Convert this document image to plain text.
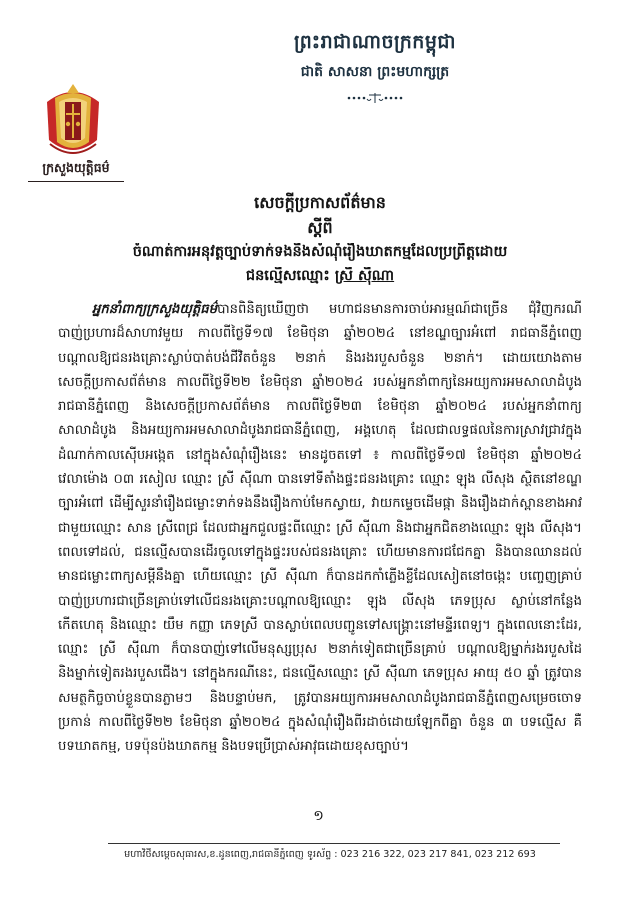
ព្រះរាជាណាចក្រកម្ពុជា
ជាតិ សាសនា ព្រះមហាក្សត្រ
ក្រសួងយុត្តិធម៌
សេចក្តីប្រកាសព័ត៌មាន
ស្តីពី
ចំណាត់ការអនុវត្តច្បាប់ទាក់ទងនឹងសំណុំរឿងឃាតកម្មដែលប្រព្រឹត្តដោយ
ជនល្មើសឈ្មោះ ស្រី ស៊ីណា
អ្នកនាំពាក្យក្រសួងយុត្តិធម៌បានពិនិត្យឃើញថា មហាជនមានការចាប់អារម្មណ៍ជាច្រើន ជុំវិញករណី
បាញ់ប្រហារដ៏សាហាវមួយ កាលពីថ្ងៃទី១៧ ខែមិថុនា ឆ្នាំ២០២៤ នៅខណ្ឌច្បារអំពៅ រាជធានីភ្នំពេញ
បណ្តាលឱ្យជនរងគ្រោះស្លាប់បាត់បង់ជីវិតចំនួន ២នាក់ និងរងរបួសចំនួន ២នាក់។ ដោយយោងតាម
សេចក្តីប្រកាសព័ត៌មាន កាលពីថ្ងៃទី២២ ខែមិថុនា ឆ្នាំ២០២៤ របស់អ្នកនាំពាក្យនៃអយ្យការអមសាលាដំបូង
រាជធានីភ្នំពេញ និងសេចក្តីប្រកាសព័ត៌មាន កាលពីថ្ងៃទី២៣ ខែមិថុនា ឆ្នាំ២០២៤ របស់អ្នកនាំពាក្យ
សាលាដំបូង និងអយ្យការអមសាលាដំបូងរាជធានីភ្នំពេញ, អង្គហេតុ ដែលជាលទ្ធផលនៃការស្រាវជ្រាវក្នុង
ដំណាក់កាលស៊ើបអង្កេត នៅក្នុងសំណុំរឿងនេះ មានដូចតទៅ ៖ កាលពីថ្ងៃទី១៧ ខែមិថុនា ឆ្នាំ២០២៤
វេលាម៉ោង ០៣ រសៀល ឈ្មោះ ស្រី ស៊ីណា បានទៅទីតាំងផ្ទះជនរងគ្រោះ ឈ្មោះ ឡុង លីសុង ស្ថិតនៅខណ្ឌ
ច្បារអំពៅ ដើម្បីសួរនាំរឿងជម្លោះទាក់ទងនឹងរឿងកាប់មែកស្វាយ, វាយកម្ទេចដើមផ្កា និងរឿងដាក់ស្ពានខាងអាវ
ជាមួយឈ្មោះ សាន ស្រីពេជ្រ ដែលជាអ្នកជួលផ្ទះពីឈ្មោះ ស្រី ស៊ីណា និងជាអ្នកជិតខាងឈ្មោះ ឡុង លីសុង។
ពេលទៅដល់, ជនល្មើសបានដើរចូលទៅក្នុងផ្ទះរបស់ជនរងគ្រោះ ហើយមានការជជែកគ្នា និងបានឈានដល់
មានជម្លោះពាក្យសម្តីនឹងគ្នា ហើយឈ្មោះ ស្រី ស៊ីណា ក៏បានដកកាំភ្លើងខ្លីដែលសៀតនៅចង្កេះ បញ្ចេញគ្រាប់
បាញ់ប្រហារជាច្រើនគ្រាប់ទៅលើជនរងគ្រោះបណ្តាលឱ្យឈ្មោះ ឡុង លីសុង ភេទប្រុស ស្លាប់នៅកន្លែង
កើតហេតុ និងឈ្មោះ យឹម កញ្ញា ភេទស្រី បានស្លាប់ពេលបញ្ជូនទៅសង្គ្រោះនៅមន្ទីរពេទ្យ។ ក្នុងពេលនោះដែរ,
ឈ្មោះ ស្រី ស៊ីណា ក៏បានបាញ់ទៅលើមនុស្សប្រុស ២នាក់ទៀតជាច្រើនគ្រាប់ បណ្តាលឱ្យម្នាក់រងរបួសដៃ
និងម្នាក់ទៀតរងរបួសជើង។ នៅក្នុងករណីនេះ, ជនល្មើសឈ្មោះ ស្រី ស៊ីណា ភេទប្រុស អាយុ ៥០ ឆ្នាំ ត្រូវបាន
សមត្ថកិច្ចចាប់ខ្លួនបានភ្លាមៗ និងបន្ទាប់មក, ត្រូវបានអយ្យការអមសាលាដំបូងរាជធានីភ្នំពេញសម្រេចចោទ
ប្រកាន់ កាលពីថ្ងៃទី២២ ខែមិថុនា ឆ្នាំ២០២៤ ក្នុងសំណុំរឿងពីរដាច់ដោយឡែកពីគ្នា ចំនួន ៣ បទល្មើស គឺ
បទឃាតកម្ម, បទប៉ុនប៉ងឃាតកម្ម និងបទប្រើប្រាស់អាវុធដោយខុសច្បាប់។
១
មហាវិថីសម្តេចសុធារស,ខ.ដូនពេញ,រាជធានីភ្នំពេញ ទូរស័ព្ទ : 023 216 322, 023 217 841, 023 212 693
